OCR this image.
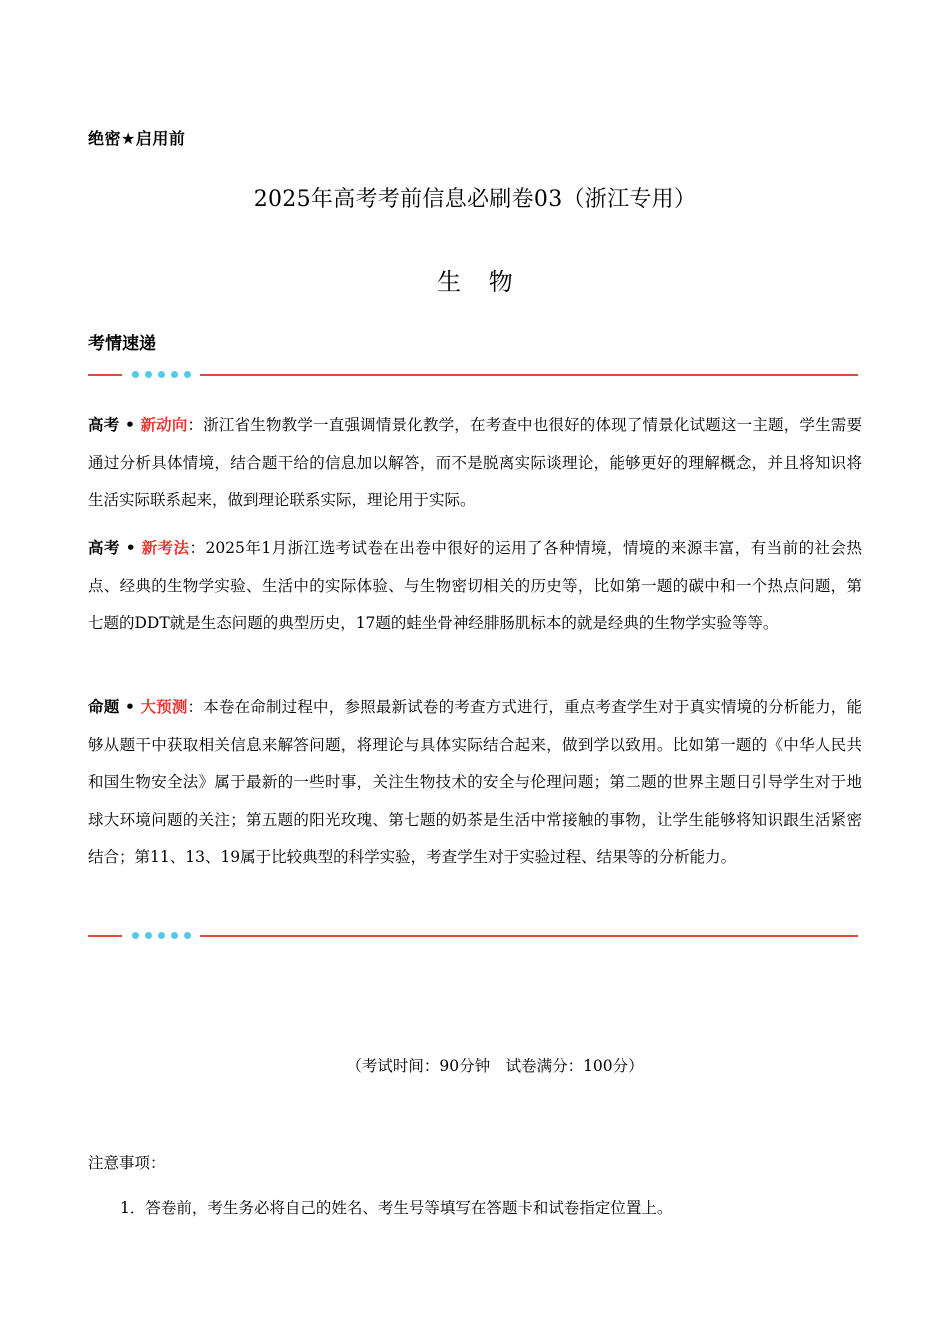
绝密★启用前
2025年高考考前信息必刷卷03（浙江专用）
生 物
考情速递
高考 • 新动向：浙江省生物教学一直强调情景化教学，在考查中也很好的体现了情景化试题这一主题，学生需要通过分析具体情境，结合题干给的信息加以解答，而不是脱离实际谈理论，能够更好的理解概念，并且将知识将生活实际联系起来，做到理论联系实际，理论用于实际。
高考 • 新考法：2025年1月浙江选考试卷在出卷中很好的运用了各种情境，情境的来源丰富，有当前的社会热点、经典的生物学实验、生活中的实际体验、与生物密切相关的历史等，比如第一题的碳中和一个热点问题，第七题的DDT就是生态问题的典型历史，17题的蛙坐骨神经腓肠肌标本的就是经典的生物学实验等等。
命题 • 大预测：本卷在命制过程中，参照最新试卷的考查方式进行，重点考查学生对于真实情境的分析能力，能够从题干中获取相关信息来解答问题，将理论与具体实际结合起来，做到学以致用。比如第一题的《中华人民共和国生物安全法》属于最新的一些时事，关注生物技术的安全与伦理问题；第二题的世界主题日引导学生对于地球大环境问题的关注；第五题的阳光玫瑰、第七题的奶茶是生活中常接触的事物，让学生能够将知识跟生活紧密结合；第11、13、19属于比较典型的科学实验，考查学生对于实验过程、结果等的分析能力。
（考试时间：90分钟　试卷满分：100分）
注意事项：
1．答卷前，考生务必将自己的姓名、考生号等填写在答题卡和试卷指定位置上。
